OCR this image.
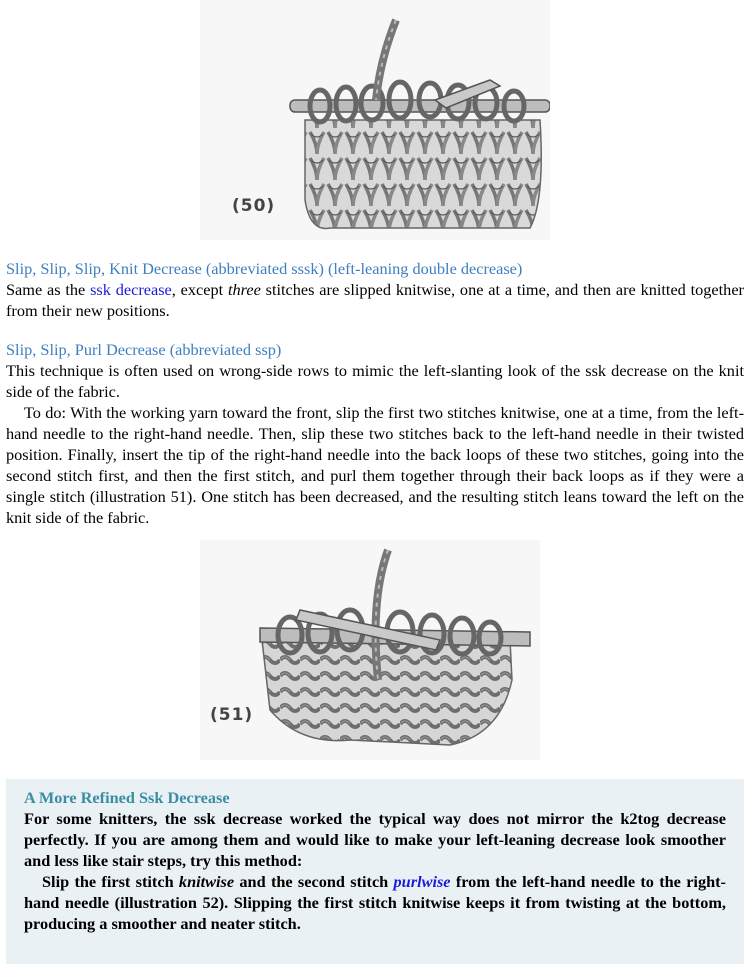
(50)

Slip, Slip, Slip, Knit Decrease (abbreviated sssk) (left-leaning double decrease)

Same as the ssk decrease, except three stitches are slipped knitwise, one at a time, and then are knitted together from their new positions.

Slip, Slip, Purl Decrease (abbreviated ssp)

This technique is often used on wrong-side rows to mimic the left-slanting look of the ssk decrease on the knit side of the fabric.

To do: With the working yarn toward the front, slip the first two stitches knitwise, one at a time, from the left-hand needle to the right-hand needle. Then, slip these two stitches back to the left-hand needle in their twisted position. Finally, insert the tip of the right-hand needle into the back loops of these two stitches, going into the second stitch first, and then the first stitch, and purl them together through their back loops as if they were a single stitch (illustration 51). One stitch has been decreased, and the resulting stitch leans toward the left on the knit side of the fabric.

(51)

A More Refined Ssk Decrease

For some knitters, the ssk decrease worked the typical way does not mirror the k2tog decrease perfectly. If you are among them and would like to make your left-leaning decrease look smoother and less like stair steps, try this method:

Slip the first stitch knitwise and the second stitch purlwise from the left-hand needle to the right-hand needle (illustration 52). Slipping the first stitch knitwise keeps it from twisting at the bottom, producing a smoother and neater stitch.
